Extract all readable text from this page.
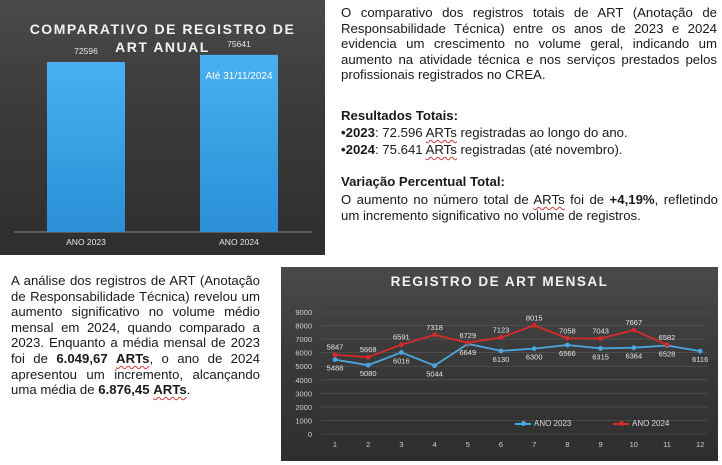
COMPARATIVO DE REGISTRO DE ART ANUAL
72596
ANO 2023
75641
ANO 2024
Até 31/11/2024
O comparativo dos registros totais de ART (Anotação de Responsabilidade Técnica) entre os anos de 2023 e 2024 evidencia um crescimento no volume geral, indicando um aumento na atividade técnica e nos serviços prestados pelos profissionais registrados no CREA.
Resultados Totais:
•2023: 72.596 ARTs registradas ao longo do ano.
•2024: 75.641 ARTs registradas (até novembro).
Variação Percentual Total:
O aumento no número total de ARTs foi de +4,19%, refletindo um incremento significativo no volume de registros.
A análise dos registros de ART (Anotação de Responsabilidade Técnica) revelou um aumento significativo no volume médio mensal em 2024, quando comparado a 2023. Enquanto a média mensal de 2023 foi de 6.049,67 ARTs, o ano de 2024 apresentou um incremento, alcançando uma média de 6.876,45 ARTs.
REGISTRO DE ART MENSAL
0
1000
2000
3000
4000
5000
6000
7000
8000
9000
1	2	3	4	5	6	7	8	9	10	11	12
5488
5080
6016
5044
6649
6130 6300 6566 6315 6364 6528
6116
5847 5668
6591
7318
6729
7123
8015
7058 7043
7667
6582
ANO 2023	ANO 2024
